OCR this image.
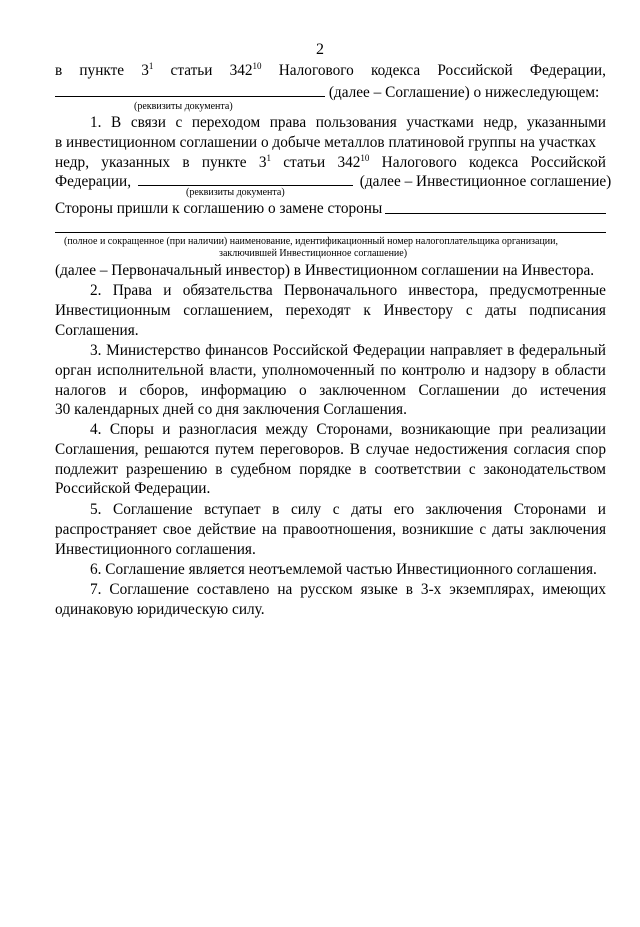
2
в пункте $3^1$ статьи $342^{10}$ Налогового кодекса Российской Федерации,
(далее – Соглашение) о нижеследующем:
(реквизиты документа)
1. В связи с переходом права пользования участками недр, указанными
в инвестиционном соглашении о добыче металлов платиновой группы на участках
недр, указанных в пункте $3^1$ статьи $342^{10}$ Налогового кодекса Российской
Федерации,	(далее – Инвестиционное соглашение)
(реквизиты документа)
Стороны пришли к соглашению о замене стороны
(полное и сокращенное (при наличии) наименование, идентификационный номер налогоплательщика организации,
заключившей Инвестиционное соглашение)
(далее – Первоначальный инвестор) в Инвестиционном соглашении на Инвестора.
2. Права и обязательства Первоначального инвестора, предусмотренные
Инвестиционным соглашением, переходят к Инвестору с даты подписания
Соглашения.
3. Министерство финансов Российской Федерации направляет в федеральный
орган исполнительной власти, уполномоченный по контролю и надзору в области
налогов и сборов, информацию о заключенном Соглашении до истечения
30 календарных дней со дня заключения Соглашения.
4. Споры и разногласия между Сторонами, возникающие при реализации
Соглашения, решаются путем переговоров. В случае недостижения согласия спор
подлежит разрешению в судебном порядке в соответствии с законодательством
Российской Федерации.
5. Соглашение вступает в силу с даты его заключения Сторонами и
распространяет свое действие на правоотношения, возникшие с даты заключения
Инвестиционного соглашения.
6. Соглашение является неотъемлемой частью Инвестиционного соглашения.
7. Соглашение составлено на русском языке в 3-х экземплярах, имеющих
одинаковую юридическую силу.
